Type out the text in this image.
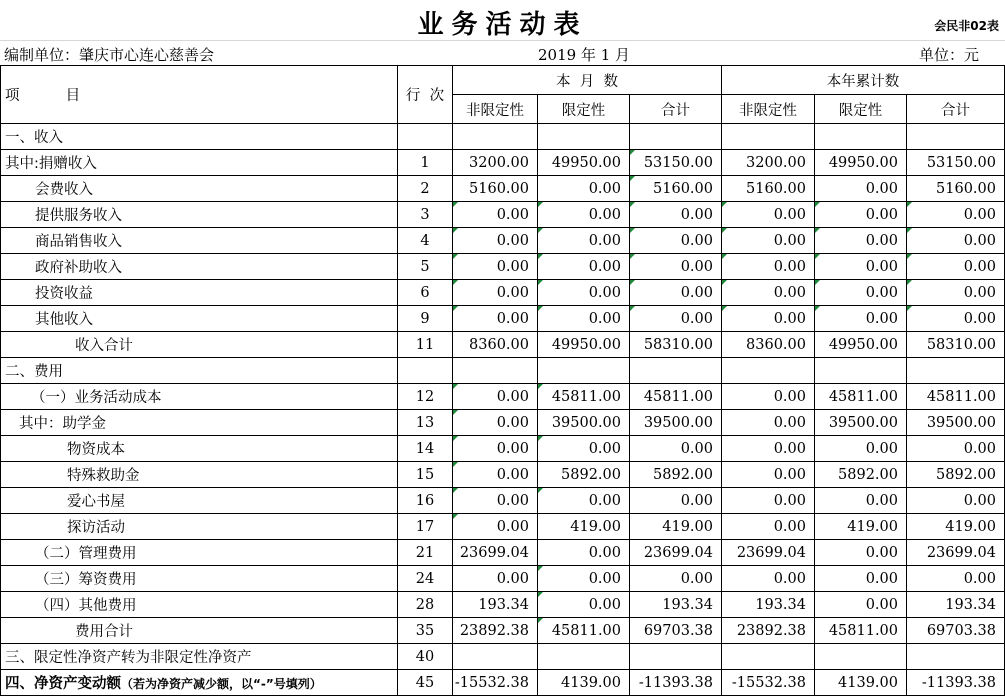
业务活动表	会民非02表
编制单位：肇庆市心连心慈善会	2019 年 1 月	单位：元
项          目	行  次	本  月  数			本年累计数		
		非限定性	限定性	合计	非限定性	限定性	合计
一、收入							
其中:捐赠收入	1	3200.00	49950.00	53150.00	3200.00	49950.00	53150.00
会费收入	2	5160.00	0.00	5160.00	5160.00	0.00	5160.00
提供服务收入	3	0.00	0.00	0.00	0.00	0.00	0.00
商品销售收入	4	0.00	0.00	0.00	0.00	0.00	0.00
政府补助收入	5	0.00	0.00	0.00	0.00	0.00	0.00
投资收益	6	0.00	0.00	0.00	0.00	0.00	0.00
其他收入	9	0.00	0.00	0.00	0.00	0.00	0.00
收入合计	11	8360.00	49950.00	58310.00	8360.00	49950.00	58310.00
二、费用							
（一）业务活动成本	12	0.00	45811.00	45811.00	0.00	45811.00	45811.00
其中：助学金	13	0.00	39500.00	39500.00	0.00	39500.00	39500.00
物资成本	14	0.00	0.00	0.00	0.00	0.00	0.00
特殊救助金	15	0.00	5892.00	5892.00	0.00	5892.00	5892.00
爱心书屋	16	0.00	0.00	0.00	0.00	0.00	0.00
探访活动	17	0.00	419.00	419.00	0.00	419.00	419.00
（二）管理费用	21	23699.04	0.00	23699.04	23699.04	0.00	23699.04
（三）筹资费用	24	0.00	0.00	0.00	0.00	0.00	0.00
（四）其他费用	28	193.34	0.00	193.34	193.34	0.00	193.34
费用合计	35	23892.38	45811.00	69703.38	23892.38	45811.00	69703.38
三、限定性净资产转为非限定性净资产	40						
四、净资产变动额（若为净资产减少额，以“-”号填列）	45	-15532.38	4139.00	-11393.38	-15532.38	4139.00	-11393.38
